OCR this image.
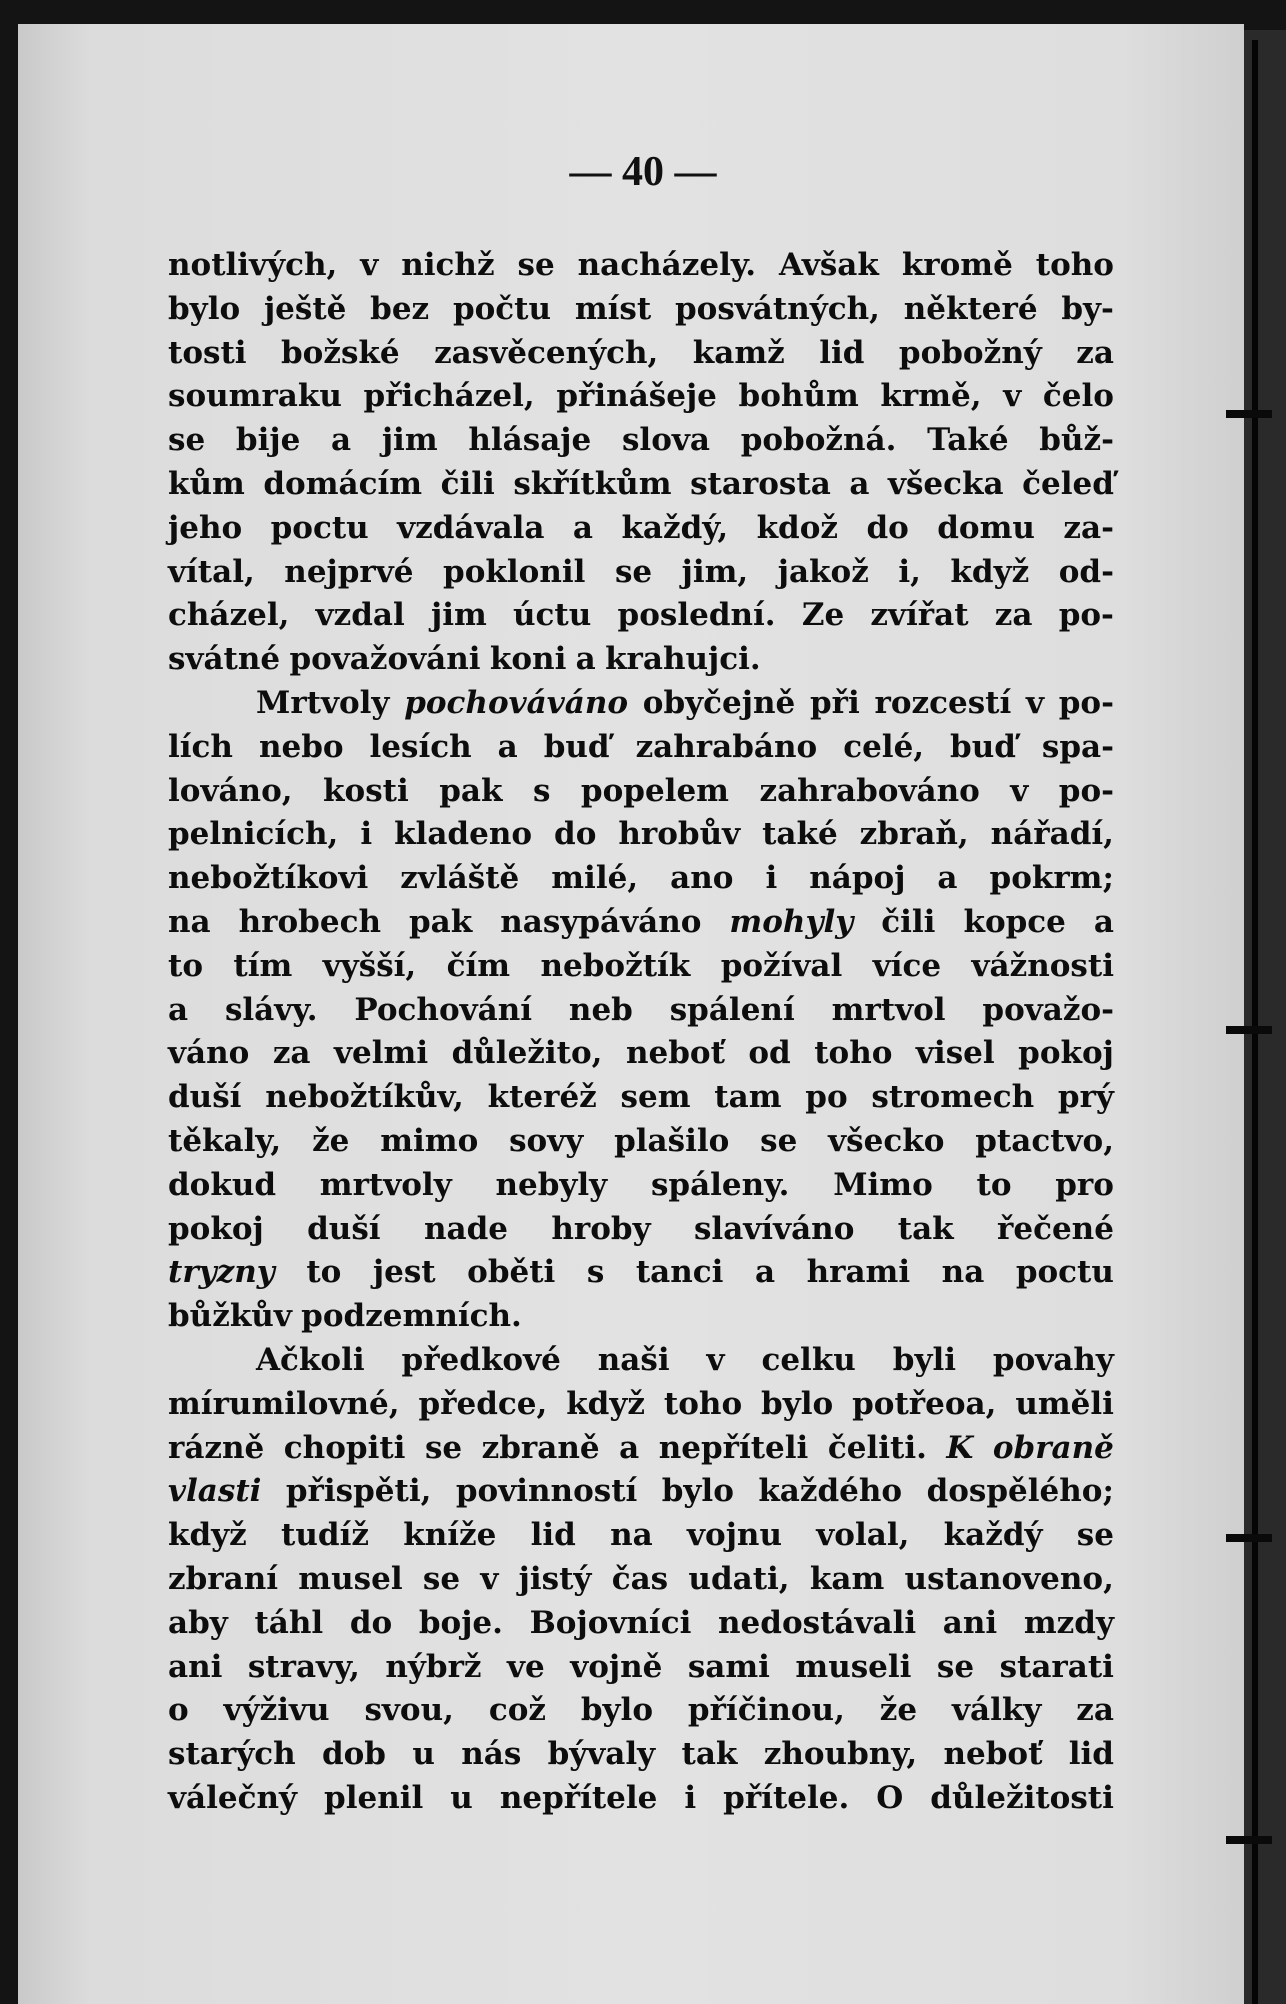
— 40 —
notlivých, v nichž se nacházely. Avšak kromě toho
bylo ještě bez počtu míst posvátných, některé by-
tosti božské zasvěcených, kamž lid pobožný za
soumraku přicházel, přinášeje bohům krmě, v čelo
se bije a jim hlásaje slova pobožná. Také bůž-
kům domácím čili skřítkům starosta a všecka čeleď
jeho poctu vzdávala a každý, kdož do domu za-
vítal, nejprvé poklonil se jim, jakož i, když od-
cházel, vzdal jim úctu poslední. Ze zvířat za po-
svátné považováni koni a krahujci.
Mrtvoly pochováváno obyčejně při rozcestí v po-
lích nebo lesích a buď zahrabáno celé, buď spa-
lováno, kosti pak s popelem zahrabováno v po-
pelnicích, i kladeno do hrobův také zbraň, nářadí,
nebožtíkovi zvláště milé, ano i nápoj a pokrm;
na hrobech pak nasypáváno mohyly čili kopce a
to tím vyšší, čím nebožtík požíval více vážnosti
a slávy. Pochování neb spálení mrtvol považo-
váno za velmi důležito, neboť od toho visel pokoj
duší nebožtíkův, kteréž sem tam po stromech prý
těkaly, že mimo sovy plašilo se všecko ptactvo,
dokud mrtvoly nebyly spáleny. Mimo to pro
pokoj duší nade hroby slavíváno tak řečené
tryzny to jest oběti s tanci a hrami na poctu
bůžkův podzemních.
Ačkoli předkové naši v celku byli povahy
mírumilovné, předce, když toho bylo potřeoa, uměli
rázně chopiti se zbraně a nepříteli čeliti. K obraně
vlasti přispěti, povinností bylo každého dospělého;
když tudíž kníže lid na vojnu volal, každý se
zbraní musel se v jistý čas udati, kam ustanoveno,
aby táhl do boje. Bojovníci nedostávali ani mzdy
ani stravy, nýbrž ve vojně sami museli se starati
o výživu svou, což bylo příčinou, že války za
starých dob u nás bývaly tak zhoubny, neboť lid
válečný plenil u nepřítele i přítele. O důležitosti
